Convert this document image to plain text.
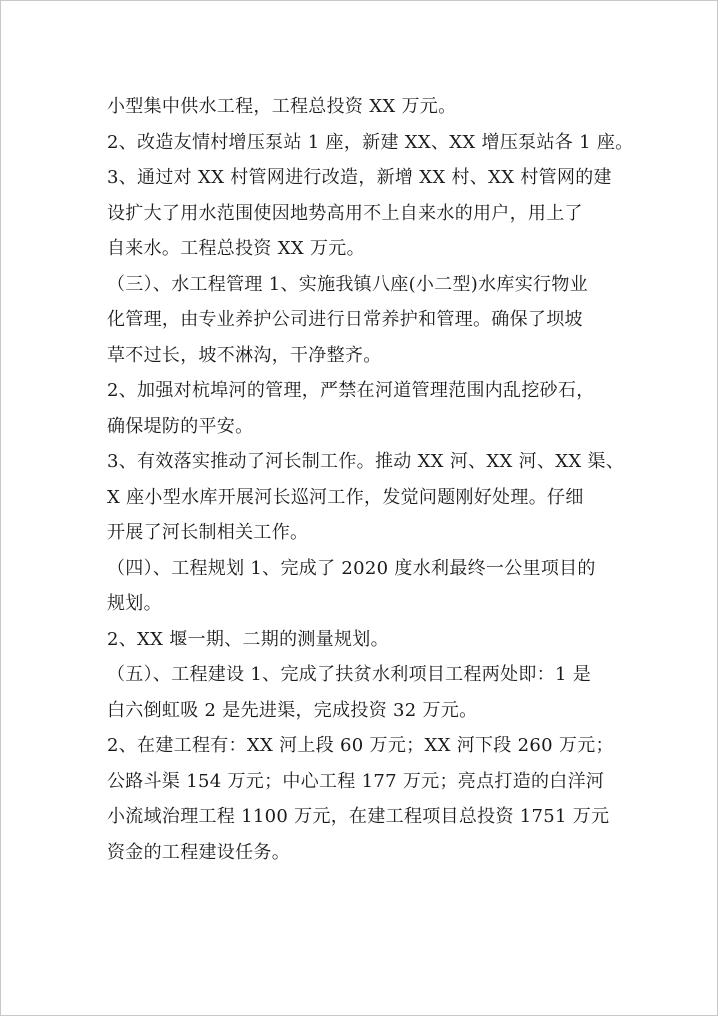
小型集中供水工程，工程总投资 XX 万元。

2、改造友情村增压泵站 1 座，新建 XX、XX 增压泵站各 1 座。

3、通过对 XX 村管网进行改造，新增 XX 村、XX 村管网的建

设扩大了用水范围使因地势高用不上自来水的用户，用上了

自来水。工程总投资 XX 万元。

（三）、水工程管理 1、实施我镇八座(小二型)水库实行物业

化管理，由专业养护公司进行日常养护和管理。确保了坝坡

草不过长，坡不淋沟，干净整齐。

2、加强对杭埠河的管理，严禁在河道管理范围内乱挖砂石，

确保堤防的平安。

3、有效落实推动了河长制工作。推动 XX 河、XX 河、XX 渠、

X 座小型水库开展河长巡河工作，发觉问题刚好处理。仔细

开展了河长制相关工作。

（四）、工程规划 1、完成了 2020 度水利最终一公里项目的

规划。

2、XX 堰一期、二期的测量规划。

（五）、工程建设 1、完成了扶贫水利项目工程两处即：1 是

白六倒虹吸 2 是先进渠，完成投资 32 万元。

2、在建工程有：XX 河上段 60 万元；XX 河下段 260 万元；

公路斗渠 154 万元；中心工程 177 万元；亮点打造的白洋河

小流域治理工程 1100 万元，在建工程项目总投资 1751 万元

资金的工程建设任务。
